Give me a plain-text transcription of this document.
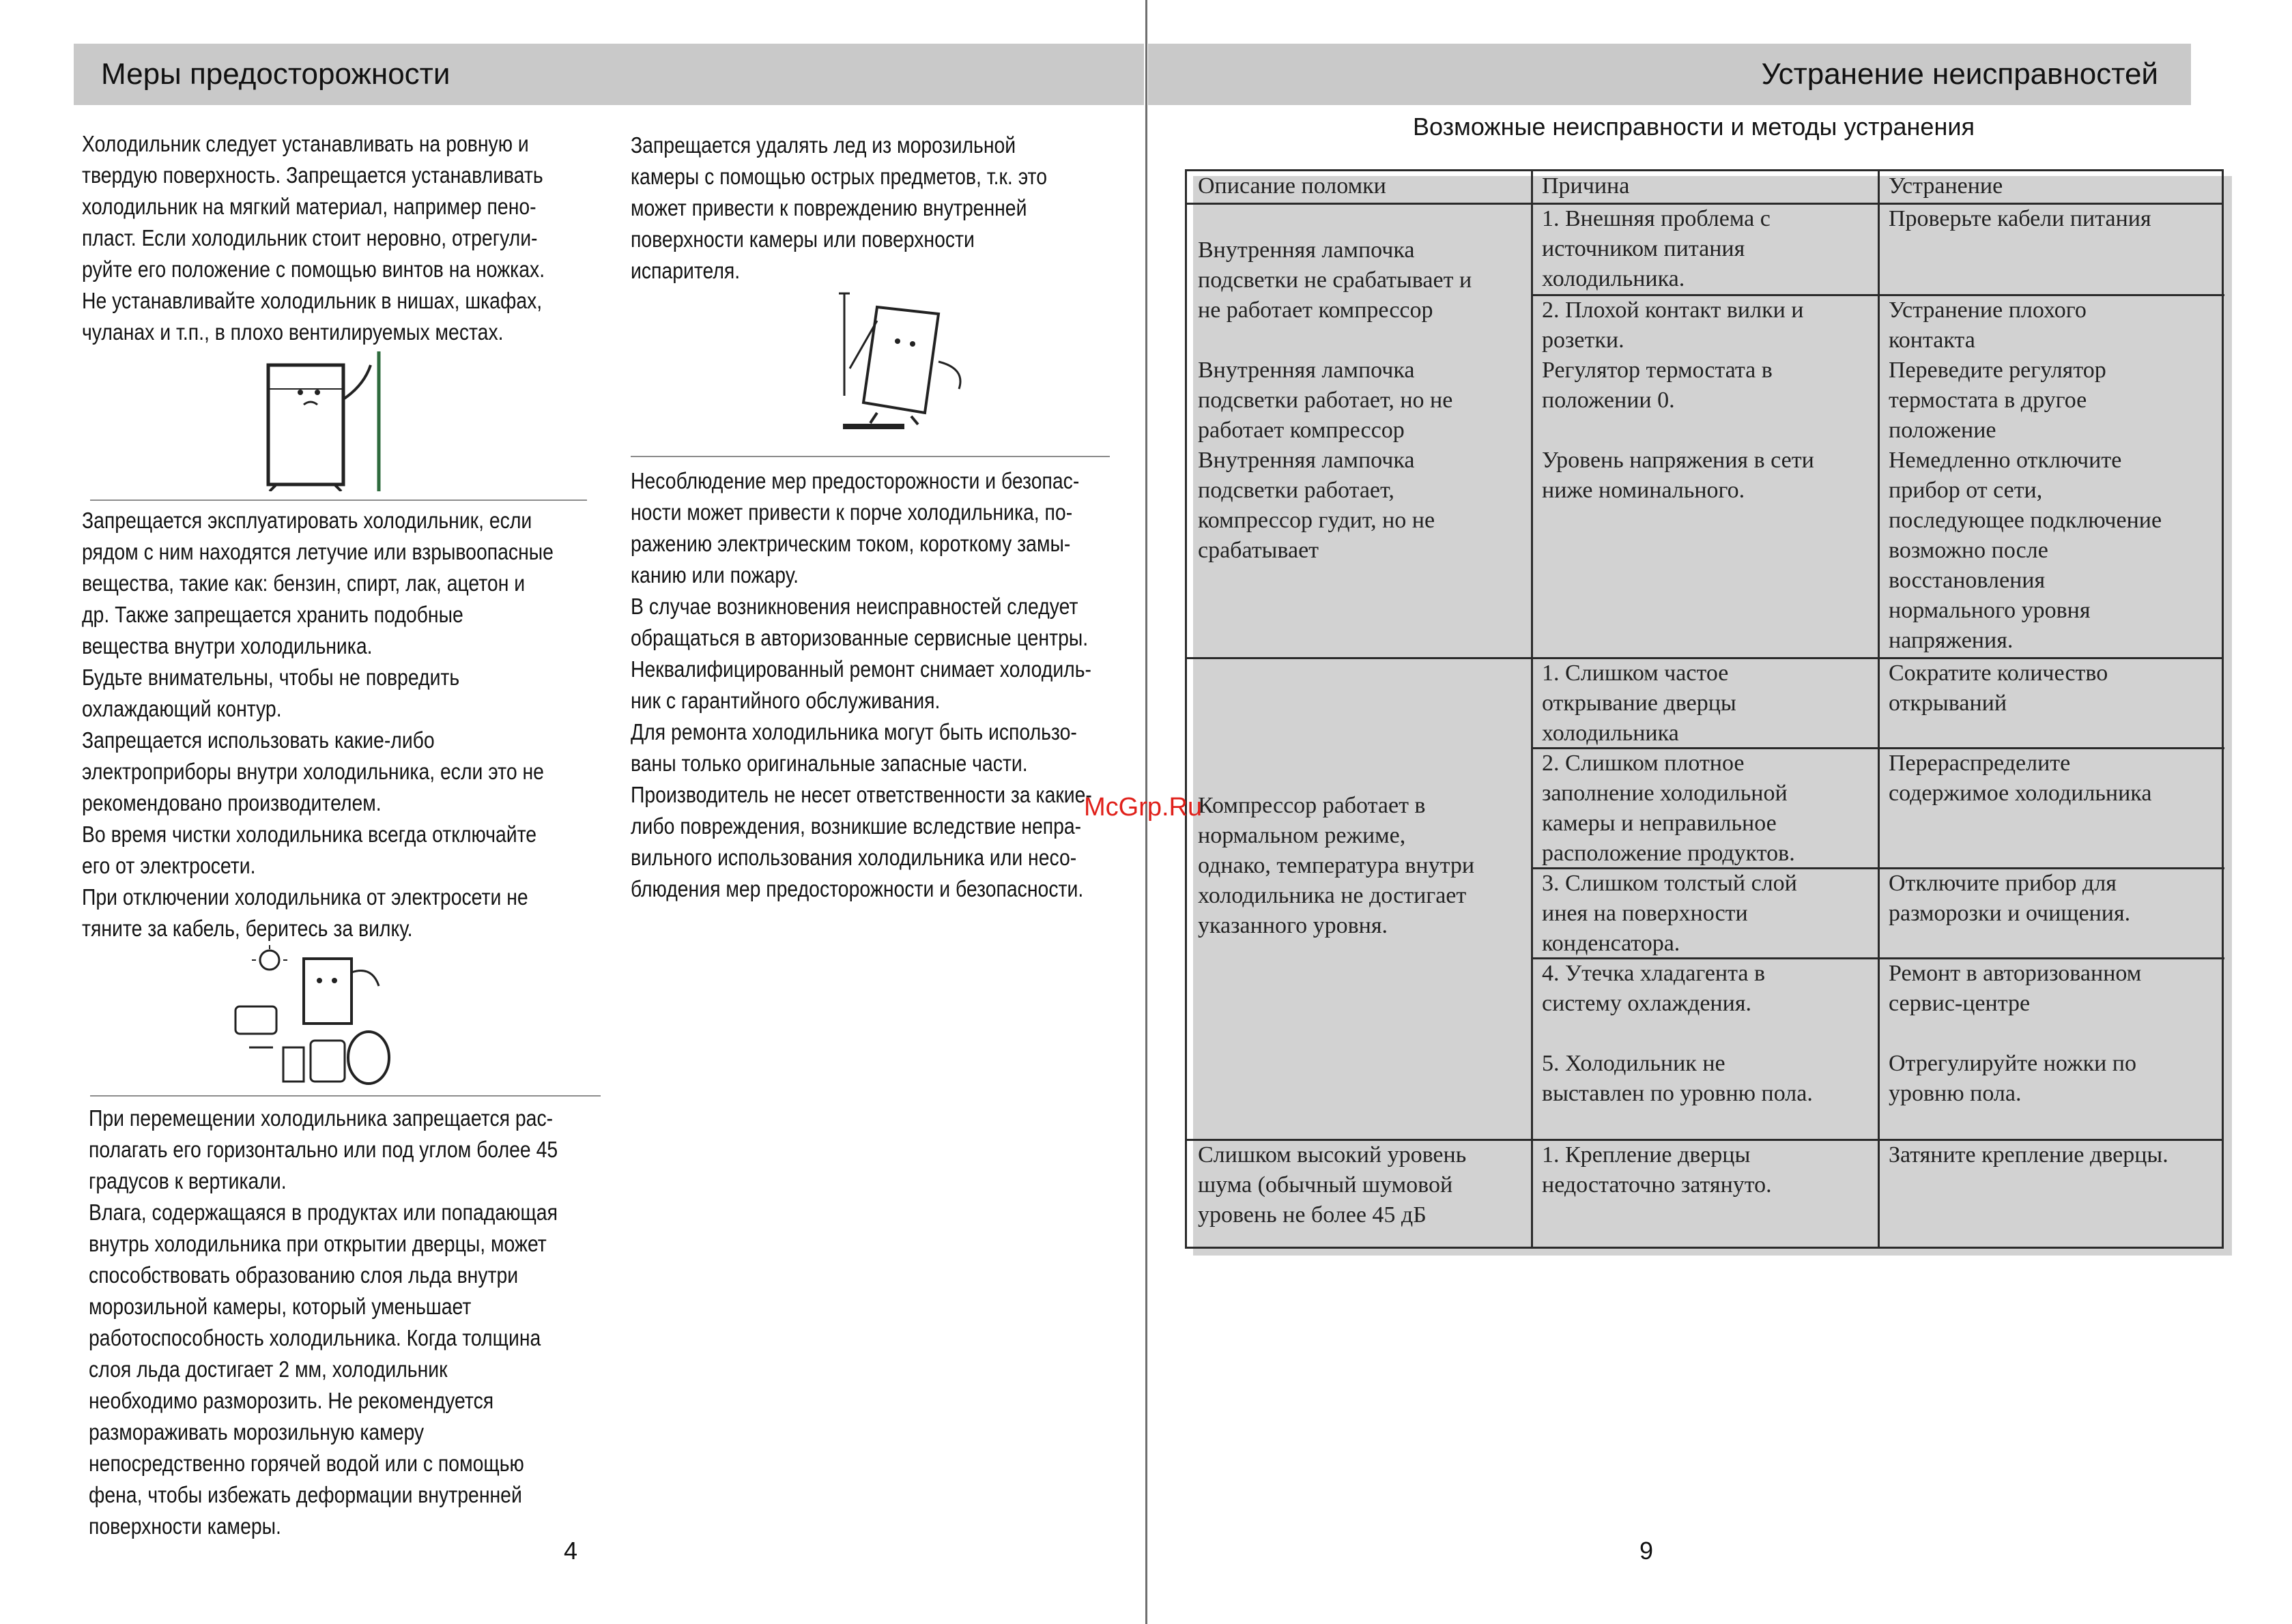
Меры предосторожности

Холодильник следует устанавливать на ровную и

твердую поверхность. Запрещается устанавливать

холодильник на мягкий материал, например пено-

пласт. Если холодильник стоит неровно, отрегули-

руйте его положение с помощью винтов на ножках.

Не устанавливайте холодильник в нишах, шкафах,

чуланах и т.п., в плохо вентилируемых местах.

Запрещается эксплуатировать холодильник, если

рядом с ним находятся летучие или взрывоопасные

вещества, такие как: бензин, спирт, лак, ацетон и

др. Также запрещается хранить подобные

вещества внутри холодильника.

Будьте внимательны, чтобы не повредить

охлаждающий контур.

Запрещается использовать какие-либо

электроприборы внутри холодильника, если это не

рекомендовано производителем.

Во время чистки холодильника всегда отключайте

его от электросети.

При отключении холодильника от электросети не

тяните за кабель, беритесь за вилку.

При перемещении холодильника запрещается рас-

полагать его горизонтально или под углом более 45

градусов к вертикали.

Влага, содержащаяся в продуктах или попадающая

внутрь холодильника при открытии дверцы, может

способствовать образованию слоя льда внутри

морозильной камеры, который уменьшает

работоспособность холодильника. Когда толщина

слоя льда достигает 2 мм, холодильник

необходимо разморозить. Не рекомендуется

размораживать морозильную камеру

непосредственно горячей водой или с помощью

фена, чтобы избежать деформации внутренней

поверхности камеры.

Запрещается удалять лед из морозильной

камеры с помощью острых предметов, т.к. это

может привести к повреждению внутренней

поверхности камеры или поверхности

испарителя.

Несоблюдение мер предосторожности и безопас-

ности может привести к порче холодильника, по-

ражению электрическим током, короткому замы-

канию или пожару.

В случае возникновения неисправностей следует

обращаться в авторизованные сервисные центры.

Неквалифицированный ремонт снимает холодиль-

ник с гарантийного обслуживания.

Для ремонта холодильника могут быть использо-

ваны только оригинальные запасные части.

Производитель не несет ответственности за какие-

либо повреждения, возникшие вследствие непра-

вильного использования холодильника или несо-

блюдения мер предосторожности и безопасности.

4
Устранение неисправностей
Возможные неисправности и методы устранения

Описание поломки	Причина	Устранение

Внутренняя лампочка

подсветки не срабатывает и

не работает компрессор

Внутренняя лампочка

подсветки работает, но не

работает компрессор

Внутренняя лампочка

подсветки работает,

компрессор гудит, но не

срабатывает

1. Внешняя проблема с

источником питания

холодильника.

Проверьте кабели питания

2. Плохой контакт вилки и

розетки.

Регулятор термостата в

положении 0.

Уровень напряжения в сети

ниже номинального.

Устранение плохого

контакта

Переведите регулятор

термостата в другое

положение

Немедленно отключите

прибор от сети,

последующее подключение

возможно после

восстановления

нормального уровня

напряжения.

Компрессор работает в

нормальном режиме,

однако, температура внутри

холодильника не достигает

указанного уровня.

1. Слишком частое

открывание дверцы

холодильника

Сократите количество

открываний

2. Слишком плотное

заполнение холодильной

камеры и неправильное

расположение продуктов.

Перераспределите

содержимое холодильника

3. Слишком толстый слой

инея на поверхности

конденсатора.

Отключите прибор для

разморозки и очищения.

4. Утечка хладагента в

систему охлаждения.

5. Холодильник не

выставлен по уровню пола.

Ремонт в авторизованном

сервис-центре

Отрегулируйте ножки по

уровню пола.

Слишком высокий уровень

шума (обычный шумовой

уровень не более 45 дБ

1. Крепление дверцы

недостаточно затянуто.

Затяните крепление дверцы.

9
McGrp.Ru
